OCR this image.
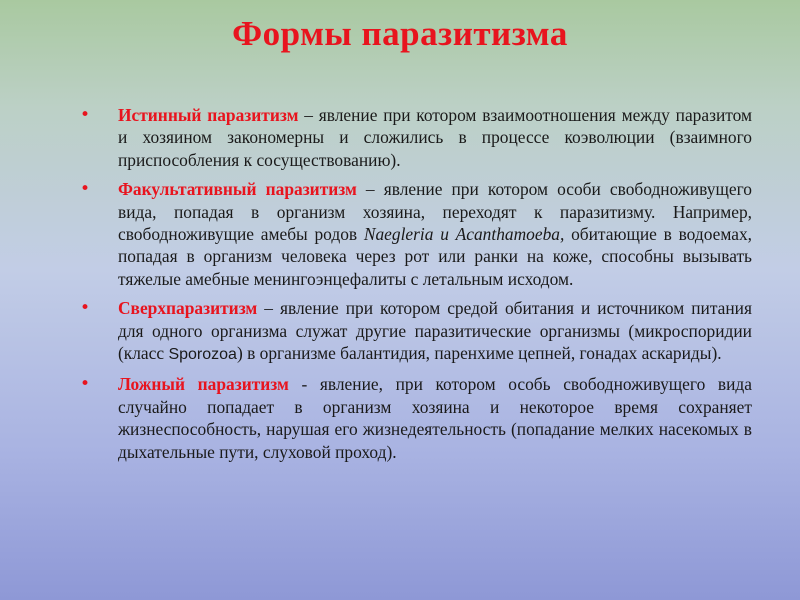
Формы паразитизма
• Истинный паразитизм – явление при котором взаимоотношения между паразитом и хозяином закономерны и сложились в процессе коэволюции (взаимного приспособления к сосуществованию).
• Факультативный паразитизм – явление при котором особи свободноживущего вида, попадая в организм хозяина, переходят к паразитизму. Например, свободноживущие амебы родов Naegleria и Acanthamoeba, обитающие в водоемах, попадая в организм человека через рот или ранки на коже, способны вызывать тяжелые амебные менингоэнцефалиты с летальным исходом.
• Сверхпаразитизм – явление при котором средой обитания и источником питания для одного организма служат другие паразитические организмы (микроспоридии (класс Sporozoa) в организме балантидия, паренхиме цепней, гонадах аскариды).
• Ложный паразитизм - явление, при котором особь свободноживущего вида случайно попадает в организм хозяина и некоторое время сохраняет жизнеспособность, нарушая его жизнедеятельность (попадание мелких насекомых в дыхательные пути, слуховой проход).
